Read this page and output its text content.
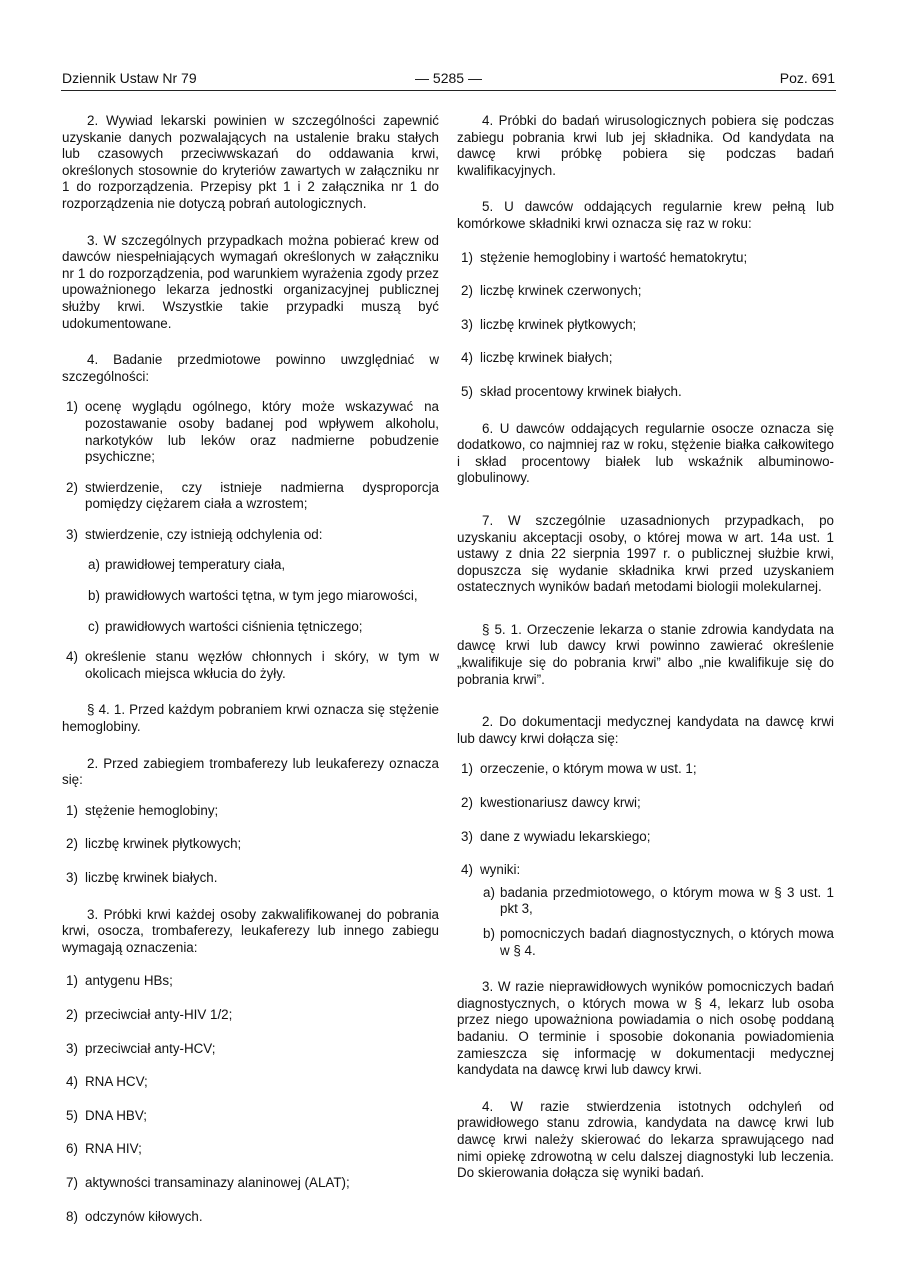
Dziennik Ustaw Nr 79	— 5285 —	Poz. 691

2. Wywiad lekarski powinien w szczególności zapewnić uzyskanie danych pozwalających na ustalenie braku stałych lub czasowych przeciwwskazań do oddawania krwi, określonych stosownie do kryteriów zawartych w załączniku nr 1 do rozporządzenia. Przepisy pkt 1 i 2 załącznika nr 1 do rozporządzenia nie dotyczą pobrań autologicznych.

3. W szczególnych przypadkach można pobierać krew od dawców niespełniających wymagań określonych w załączniku nr 1 do rozporządzenia, pod warunkiem wyrażenia zgody przez upoważnionego lekarza jednostki organizacyjnej publicznej służby krwi. Wszystkie takie przypadki muszą być udokumentowane.

4. Badanie przedmiotowe powinno uwzględniać w szczególności:

1) ocenę wyglądu ogólnego, który może wskazywać na pozostawanie osoby badanej pod wpływem alkoholu, narkotyków lub leków oraz nadmierne pobudzenie psychiczne;
2) stwierdzenie, czy istnieje nadmierna dysproporcja pomiędzy ciężarem ciała a wzrostem;
3) stwierdzenie, czy istnieją odchylenia od:
a) prawidłowej temperatury ciała,
b) prawidłowych wartości tętna, w tym jego miarowości,
c) prawidłowych wartości ciśnienia tętniczego;
4) określenie stanu węzłów chłonnych i skóry, w tym w okolicach miejsca wkłucia do żyły.

§ 4. 1. Przed każdym pobraniem krwi oznacza się stężenie hemoglobiny.

2. Przed zabiegiem trombaferezy lub leukaferezy oznacza się:

1) stężenie hemoglobiny;
2) liczbę krwinek płytkowych;
3) liczbę krwinek białych.

3. Próbki krwi każdej osoby zakwalifikowanej do pobrania krwi, osocza, trombaferezy, leukaferezy lub innego zabiegu wymagają oznaczenia:

1) antygenu HBs;
2) przeciwciał anty-HIV 1/2;
3) przeciwciał anty-HCV;
4) RNA HCV;
5) DNA HBV;
6) RNA HIV;
7) aktywności transaminazy alaninowej (ALAT);
8) odczynów kiłowych.

4. Próbki do badań wirusologicznych pobiera się podczas zabiegu pobrania krwi lub jej składnika. Od kandydata na dawcę krwi próbkę pobiera się podczas badań kwalifikacyjnych.

5. U dawców oddających regularnie krew pełną lub komórkowe składniki krwi oznacza się raz w roku:

1) stężenie hemoglobiny i wartość hematokrytu;
2) liczbę krwinek czerwonych;
3) liczbę krwinek płytkowych;
4) liczbę krwinek białych;
5) skład procentowy krwinek białych.

6. U dawców oddających regularnie osocze oznacza się dodatkowo, co najmniej raz w roku, stężenie białka całkowitego i skład procentowy białek lub wskaźnik albuminowo-globulinowy.

7. W szczególnie uzasadnionych przypadkach, po uzyskaniu akceptacji osoby, o której mowa w art. 14a ust. 1 ustawy z dnia 22 sierpnia 1997 r. o publicznej służbie krwi, dopuszcza się wydanie składnika krwi przed uzyskaniem ostatecznych wyników badań metodami biologii molekularnej.

§ 5. 1. Orzeczenie lekarza o stanie zdrowia kandydata na dawcę krwi lub dawcy krwi powinno zawierać określenie „kwalifikuje się do pobrania krwi” albo „nie kwalifikuje się do pobrania krwi”.

2. Do dokumentacji medycznej kandydata na dawcę krwi lub dawcy krwi dołącza się:

1) orzeczenie, o którym mowa w ust. 1;
2) kwestionariusz dawcy krwi;
3) dane z wywiadu lekarskiego;
4) wyniki:
a) badania przedmiotowego, o którym mowa w § 3 ust. 1 pkt 3,
b) pomocniczych badań diagnostycznych, o których mowa w § 4.

3. W razie nieprawidłowych wyników pomocniczych badań diagnostycznych, o których mowa w § 4, lekarz lub osoba przez niego upoważniona powiadamia o nich osobę poddaną badaniu. O terminie i sposobie dokonania powiadomienia zamieszcza się informację w dokumentacji medycznej kandydata na dawcę krwi lub dawcy krwi.

4. W razie stwierdzenia istotnych odchyleń od prawidłowego stanu zdrowia, kandydata na dawcę krwi lub dawcę krwi należy skierować do lekarza sprawującego nad nimi opiekę zdrowotną w celu dalszej diagnostyki lub leczenia. Do skierowania dołącza się wyniki badań.
